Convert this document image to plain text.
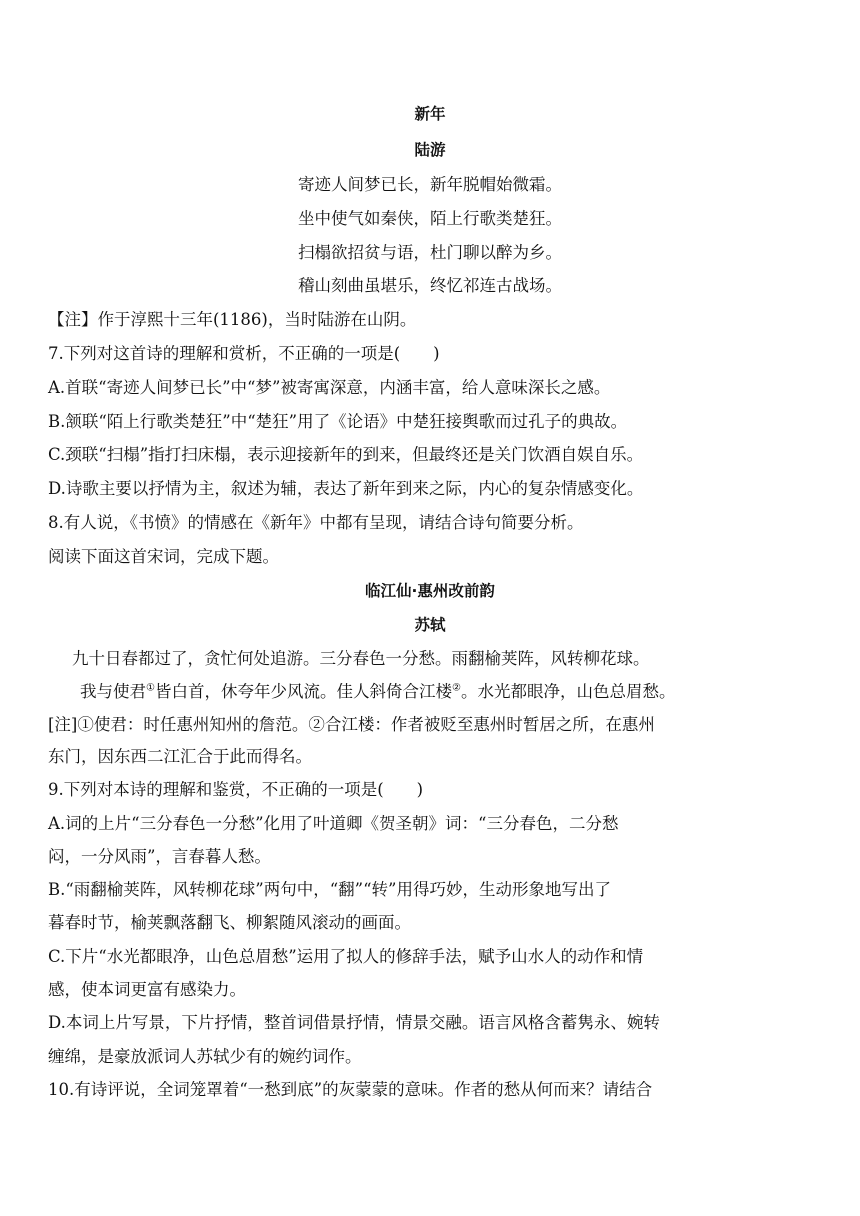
新年
陆游
寄迹人间梦已长，新年脱帽始微霜。
坐中使气如秦侠，陌上行歌类楚狂。
扫榻欲招贫与语，杜门聊以醉为乡。
稽山刻曲虽堪乐，终忆祁连古战场。
【注】作于淳熙十三年(1186)，当时陆游在山阴。
7.下列对这首诗的理解和赏析，不正确的一项是(　　)
A.首联“寄迹人间梦已长”中“梦”被寄寓深意，内涵丰富，给人意味深长之感。
B.颔联“陌上行歌类楚狂”中“楚狂”用了《论语》中楚狂接舆歌而过孔子的典故。
C.颈联“扫榻”指打扫床榻，表示迎接新年的到来，但最终还是关门饮酒自娱自乐。
D.诗歌主要以抒情为主，叙述为辅，表达了新年到来之际，内心的复杂情感变化。
8.有人说，《书愤》的情感在《新年》中都有呈现，请结合诗句简要分析。
阅读下面这首宋词，完成下题。
临江仙·惠州改前韵
苏轼
九十日春都过了，贪忙何处追游。三分春色一分愁。雨翻榆荚阵，风转柳花球。
我与使君①皆白首，休夸年少风流。佳人斜倚合江楼②。水光都眼净，山色总眉愁。
[注]①使君：时任惠州知州的詹范。②合江楼：作者被贬至惠州时暂居之所，在惠州
东门，因东西二江汇合于此而得名。
9.下列对本诗的理解和鉴赏，不正确的一项是(　　)
A.词的上片“三分春色一分愁”化用了叶道卿《贺圣朝》词：“三分春色，二分愁
闷，一分风雨”，言春暮人愁。
B.“雨翻榆荚阵，风转柳花球”两句中，“翻”“转”用得巧妙，生动形象地写出了
暮春时节，榆荚飘落翻飞、柳絮随风滚动的画面。
C.下片“水光都眼净，山色总眉愁”运用了拟人的修辞手法，赋予山水人的动作和情
感，使本词更富有感染力。
D.本词上片写景，下片抒情，整首词借景抒情，情景交融。语言风格含蓄隽永、婉转
缠绵，是豪放派词人苏轼少有的婉约词作。
10.有诗评说，全词笼罩着“一愁到底”的灰蒙蒙的意味。作者的愁从何而来？请结合
